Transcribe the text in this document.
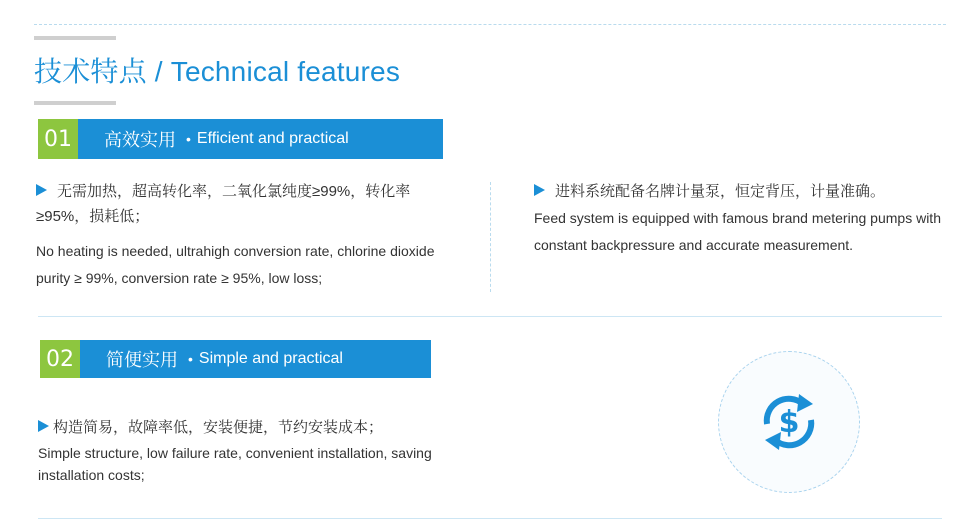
技术特点 / Technical features
01	高效实用 • Efficient and practical
无需加热，超高转化率，二氧化氯纯度≥99%，转化率≥95%，损耗低；
No heating is needed, ultrahigh conversion rate, chlorine dioxide purity ≥ 99%, conversion rate ≥ 95%, low loss;
进料系统配备名牌计量泵，恒定背压，计量准确。
Feed system is equipped with famous brand metering pumps with constant backpressure and accurate measurement.
02	简便实用 • Simple and practical
构造简易，故障率低，安装便捷，节约安装成本；
Simple structure, low failure rate, convenient installation, saving installation costs;
$
